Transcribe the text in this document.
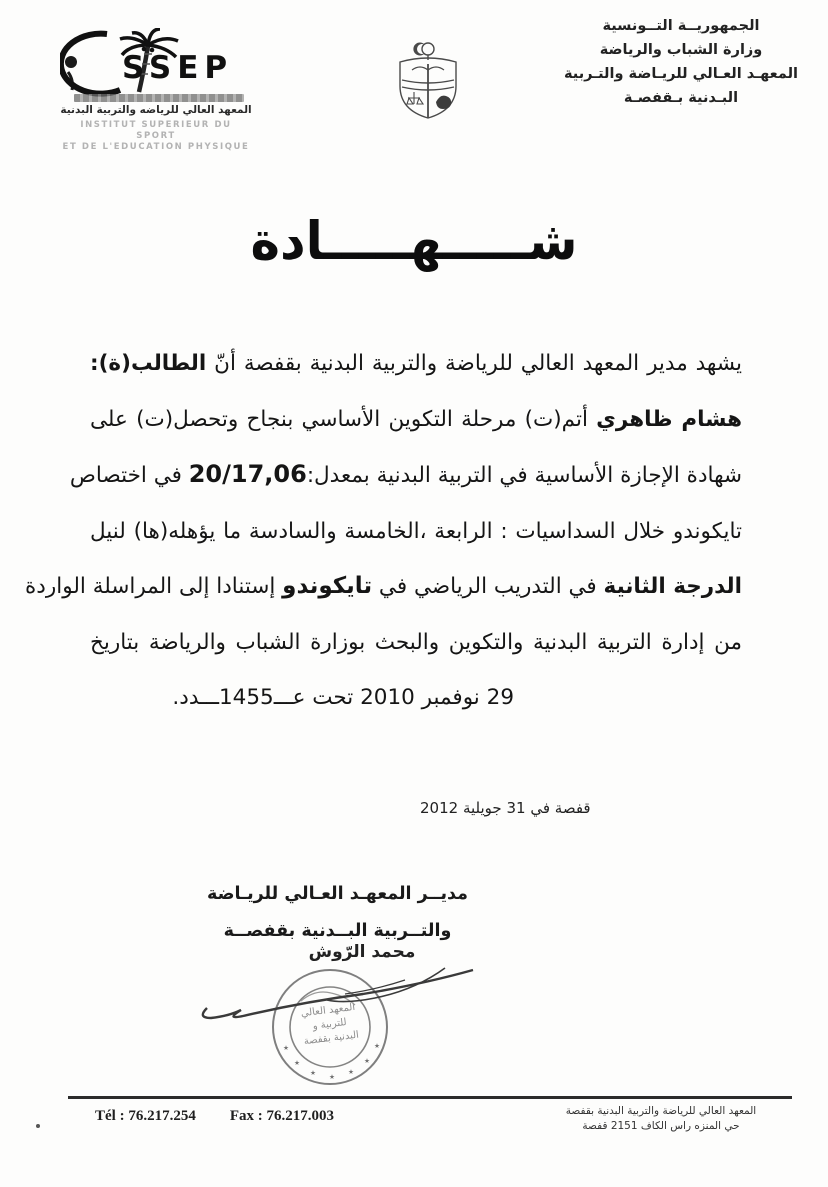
الجمهوريــة التــونسية
وزارة الشباب والرياضة
المعهـد العـالي للريـاضة والتـربية
البـدنية بـقفصـة
SSEP
المعهد العالي للرياضه والتربية البدنية
INSTITUT SUPERIEUR DU SPORT
ET DE L'EDUCATION PHYSIQUE
شـــــهـــــادة
يشهد مدير المعهد العالي للرياضة والتربية البدنية بقفصة أنّ الطالب(ة):
هشام ظاهري أتم(ت) مرحلة التكوين الأساسي بنجاح وتحصل(ت) على
شهادة الإجازة الأساسية في التربية البدنية بمعدل:20/17,06 في اختصاص
تايكوندو خلال السداسيات : الرابعة ،الخامسة والسادسة ما يؤهله(ها) لنيل
الدرجة الثانية في التدريب الرياضي في تايكوندو إستنادا إلى المراسلة الواردة
من إدارة التربية البدنية والتكوين والبحث بوزارة الشباب والرياضة بتاريخ
29 نوفمبر 2010 تحت عـــ1455ـــدد.
قفصة في 31 جويلية 2012
مديــر المعهـد العـالي للريـاضة
والتــربية البــدنية بقفصــة
محمد الرّوش
٭
٭
٭ ٭ ٭
٭
٭
المعهد العالي
للتربية و
البدنية بقفصة
Tél : 76.217.254 Fax : 76.217.003	المعهد العالي للرياضة والتربية البدنية بقفصة
حي المنزه راس الكاف 2151 قفصة
